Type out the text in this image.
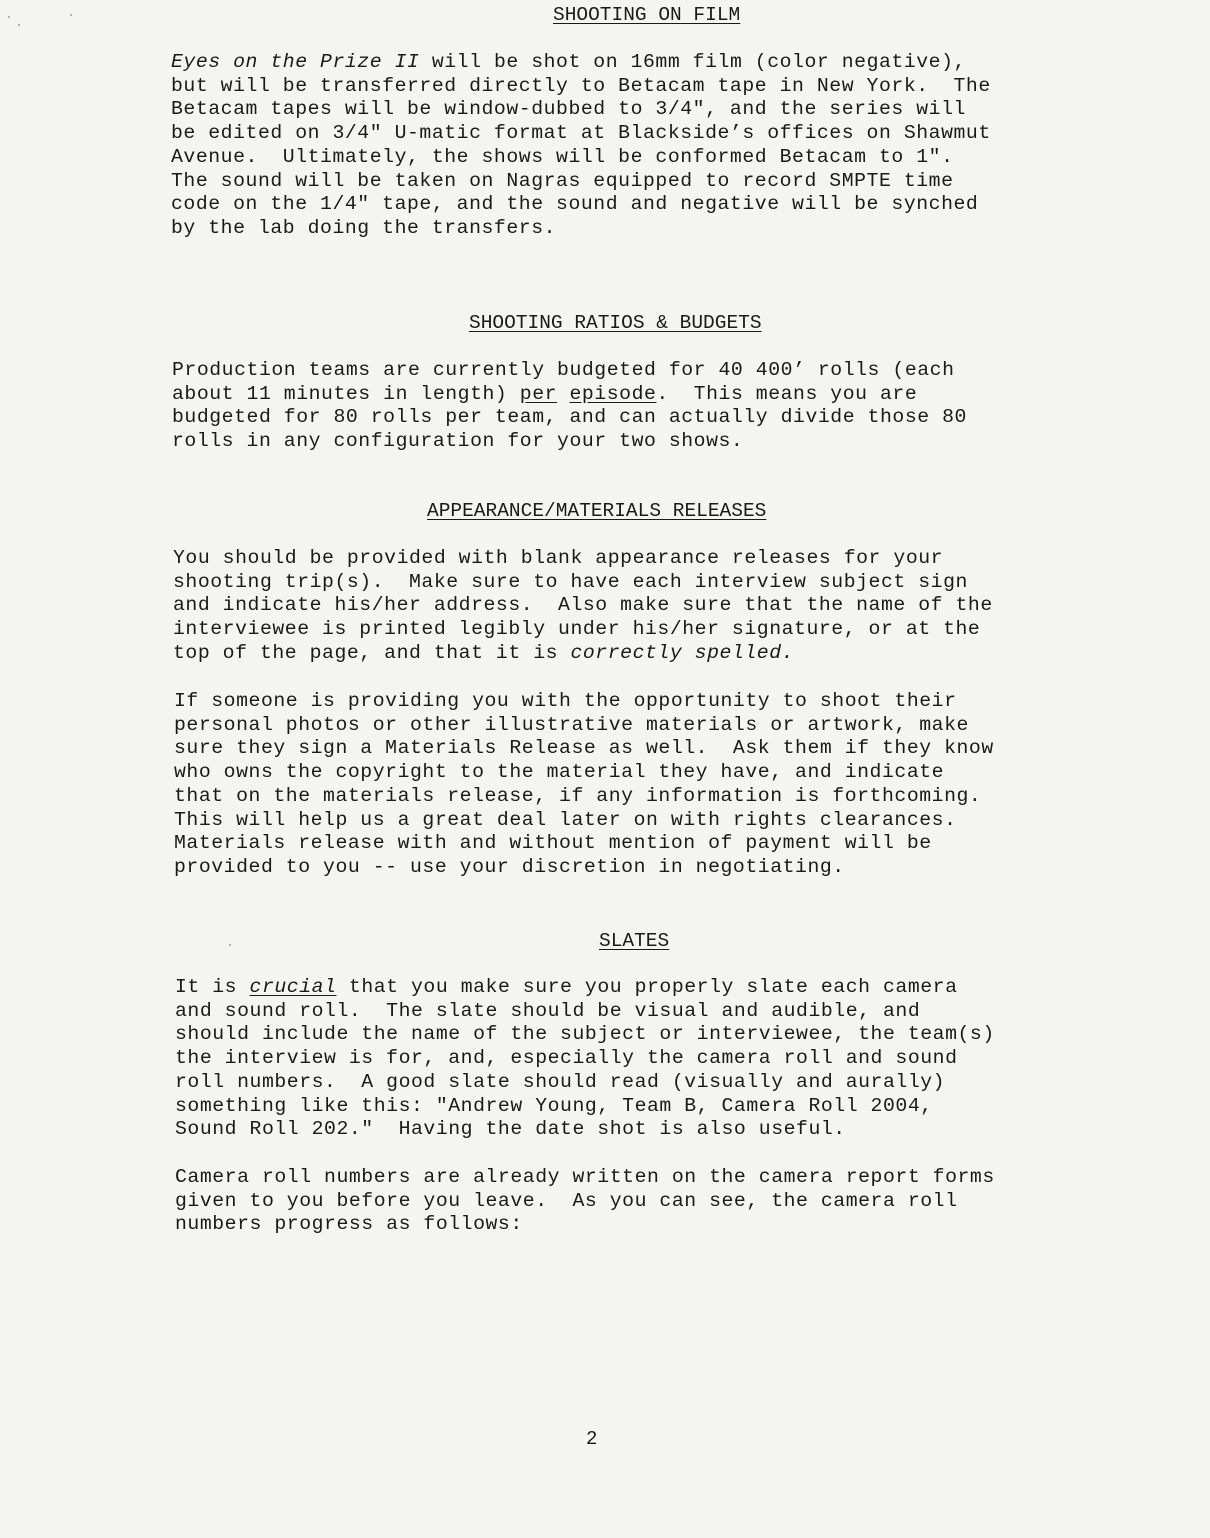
SHOOTING ON FILM
Eyes on the Prize II will be shot on 16mm film (color negative),
but will be transferred directly to Betacam tape in New York.  The
Betacam tapes will be window-dubbed to 3/4", and the series will
be edited on 3/4" U-matic format at Blackside’s offices on Shawmut
Avenue.  Ultimately, the shows will be conformed Betacam to 1".
The sound will be taken on Nagras equipped to record SMPTE time
code on the 1/4" tape, and the sound and negative will be synched
by the lab doing the transfers.
SHOOTING RATIOS & BUDGETS
Production teams are currently budgeted for 40 400’ rolls (each
about 11 minutes in length) per episode.  This means you are
budgeted for 80 rolls per team, and can actually divide those 80
rolls in any configuration for your two shows.
APPEARANCE/MATERIALS RELEASES
You should be provided with blank appearance releases for your
shooting trip(s).  Make sure to have each interview subject sign
and indicate his/her address.  Also make sure that the name of the
interviewee is printed legibly under his/her signature, or at the
top of the page, and that it is correctly spelled.
If someone is providing you with the opportunity to shoot their
personal photos or other illustrative materials or artwork, make
sure they sign a Materials Release as well.  Ask them if they know
who owns the copyright to the material they have, and indicate
that on the materials release, if any information is forthcoming.
This will help us a great deal later on with rights clearances.
Materials release with and without mention of payment will be
provided to you -- use your discretion in negotiating.
SLATES
It is crucial that you make sure you properly slate each camera
and sound roll.  The slate should be visual and audible, and
should include the name of the subject or interviewee, the team(s)
the interview is for, and, especially the camera roll and sound
roll numbers.  A good slate should read (visually and aurally)
something like this: "Andrew Young, Team B, Camera Roll 2004,
Sound Roll 202."  Having the date shot is also useful.
Camera roll numbers are already written on the camera report forms
given to you before you leave.  As you can see, the camera roll
numbers progress as follows:
2
